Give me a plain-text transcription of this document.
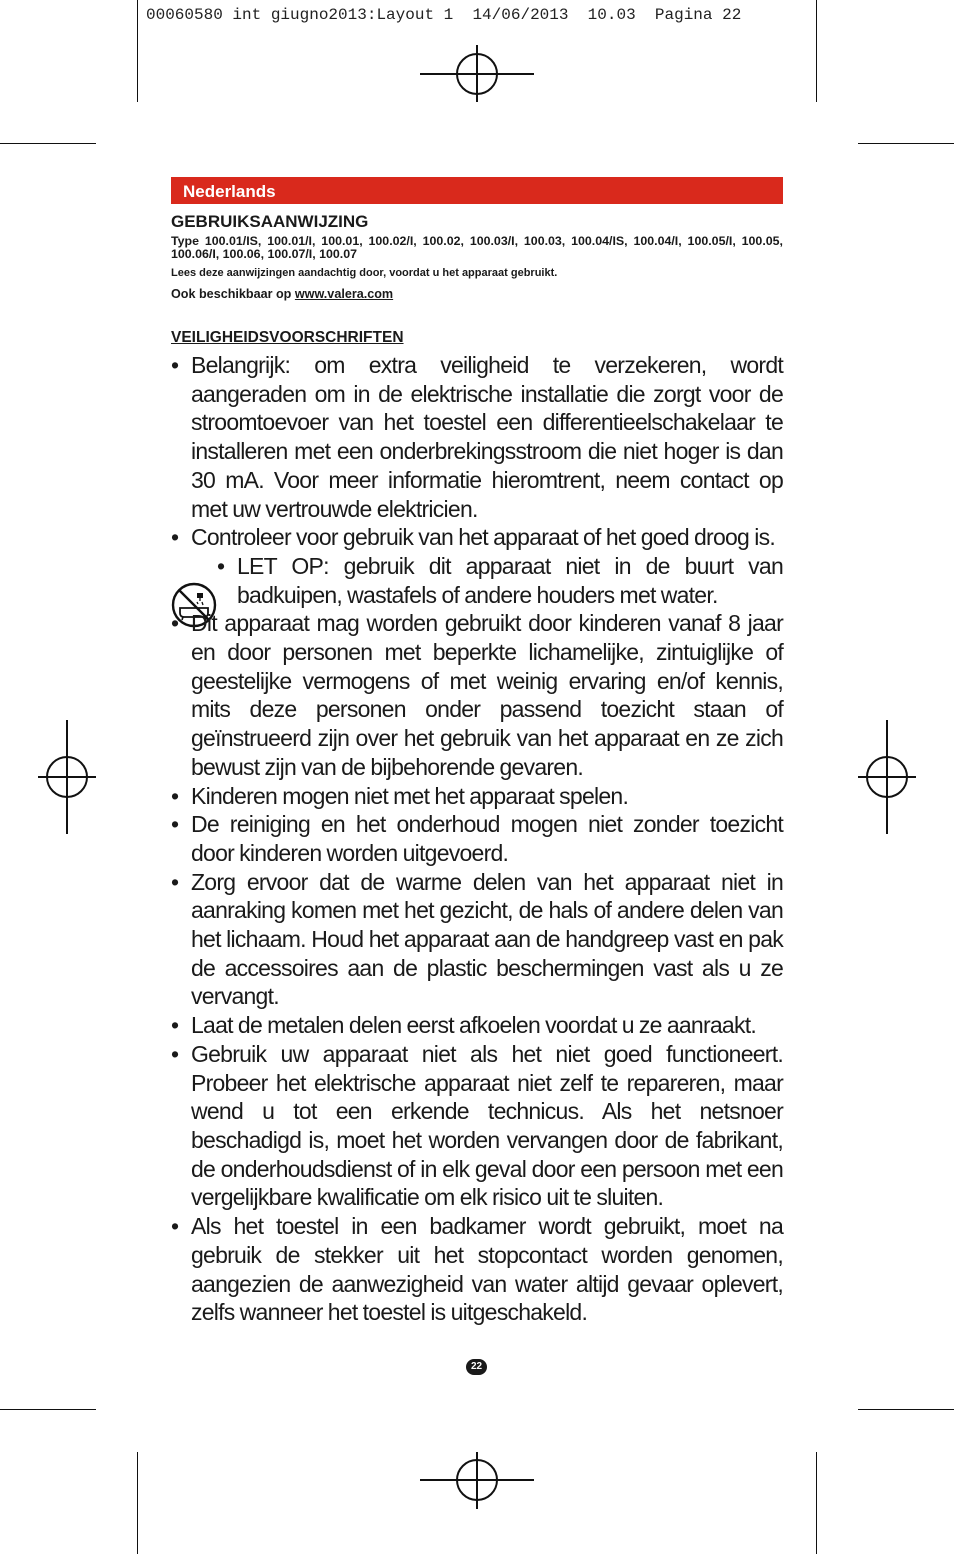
00060580 int giugno2013:Layout 1  14/06/2013  10.03  Pagina 22
Nederlands
GEBRUIKSAANWIJZING
Type 100.01/IS, 100.01/I, 100.01, 100.02/I, 100.02, 100.03/I, 100.03, 100.04/IS, 100.04/I, 100.05/I, 100.05, 100.06/I, 100.06, 100.07/I, 100.07
Lees deze aanwijzingen aandachtig door, voordat u het apparaat gebruikt.
Ook beschikbaar op www.valera.com
VEILIGHEIDSVOORSCHRIFTEN
• Belangrijk: om extra veiligheid te verzekeren, wordt aangeraden om in de elektrische installatie die zorgt voor de stroomtoevoer van het toestel een differentieelschakelaar te installeren met een onderbrekingsstroom die niet hoger is dan 30 mA. Voor meer informatie hieromtrent, neem contact op met uw vertrouwde elektricien.
• Controleer voor gebruik van het apparaat of het goed droog is.
• LET OP: gebruik dit apparaat niet in de buurt van badkuipen, wastafels of andere houders met water.
• Dit apparaat mag worden gebruikt door kinderen vanaf 8 jaar en door personen met beperkte lichamelijke, zintuiglijke of geestelijke vermogens of met weinig ervaring en/of kennis, mits deze personen onder passend toezicht staan of geïnstrueerd zijn over het gebruik van het apparaat en ze zich bewust zijn van de bijbehorende gevaren.
• Kinderen mogen niet met het apparaat spelen.
• De reiniging en het onderhoud mogen niet zonder toezicht door kinderen worden uitgevoerd.
• Zorg ervoor dat de warme delen van het apparaat niet in aanraking komen met het gezicht, de hals of andere delen van het lichaam. Houd het apparaat aan de handgreep vast en pak de accessoires aan de plastic beschermingen vast als u ze vervangt.
• Laat de metalen delen eerst afkoelen voordat u ze aanraakt.
• Gebruik uw apparaat niet als het niet goed functioneert. Probeer het elektrische apparaat niet zelf te repareren, maar wend u tot een erkende technicus. Als het netsnoer beschadigd is, moet het worden vervangen door de fabrikant, de onderhoudsdienst of in elk geval door een persoon met een vergelijkbare kwalificatie om elk risico uit te sluiten.
• Als het toestel in een badkamer wordt gebruikt, moet na gebruik de stekker uit het stopcontact worden genomen, aangezien de aanwezigheid van water altijd gevaar oplevert, zelfs wanneer het toestel is uitgeschakeld.
22
